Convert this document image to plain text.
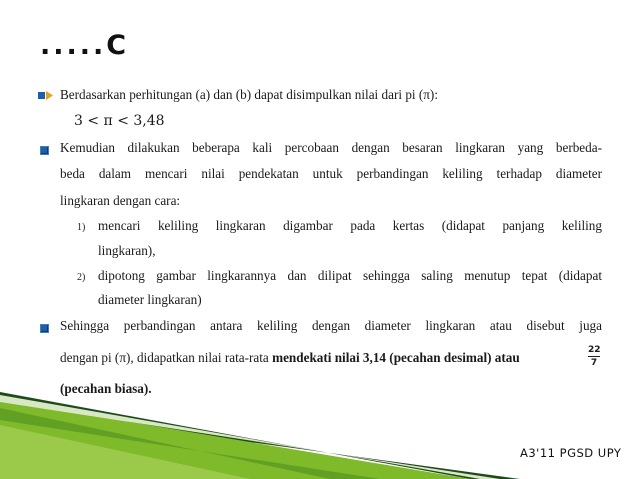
.....C
Berdasarkan perhitungan (a) dan (b) dapat disimpulkan nilai dari pi (π):
3 < π < 3,48
Kemudian dilakukan beberapa kali percobaan dengan besaran lingkaran yang berbeda-
beda dalam mencari nilai pendekatan untuk perbandingan keliling terhadap diameter
lingkaran dengan cara:
1) mencari keliling lingkaran digambar pada kertas (didapat panjang keliling
lingkaran),
2) dipotong gambar lingkarannya dan dilipat sehingga saling menutup tepat (didapat
diameter lingkaran)
Sehingga perbandingan antara keliling dengan diameter lingkaran atau disebut juga
dengan pi (π), didapatkan nilai rata-rata mendekati nilai 3,14 (pecahan desimal) atau	22
7
(pecahan biasa).
A3'11 PGSD UPY
